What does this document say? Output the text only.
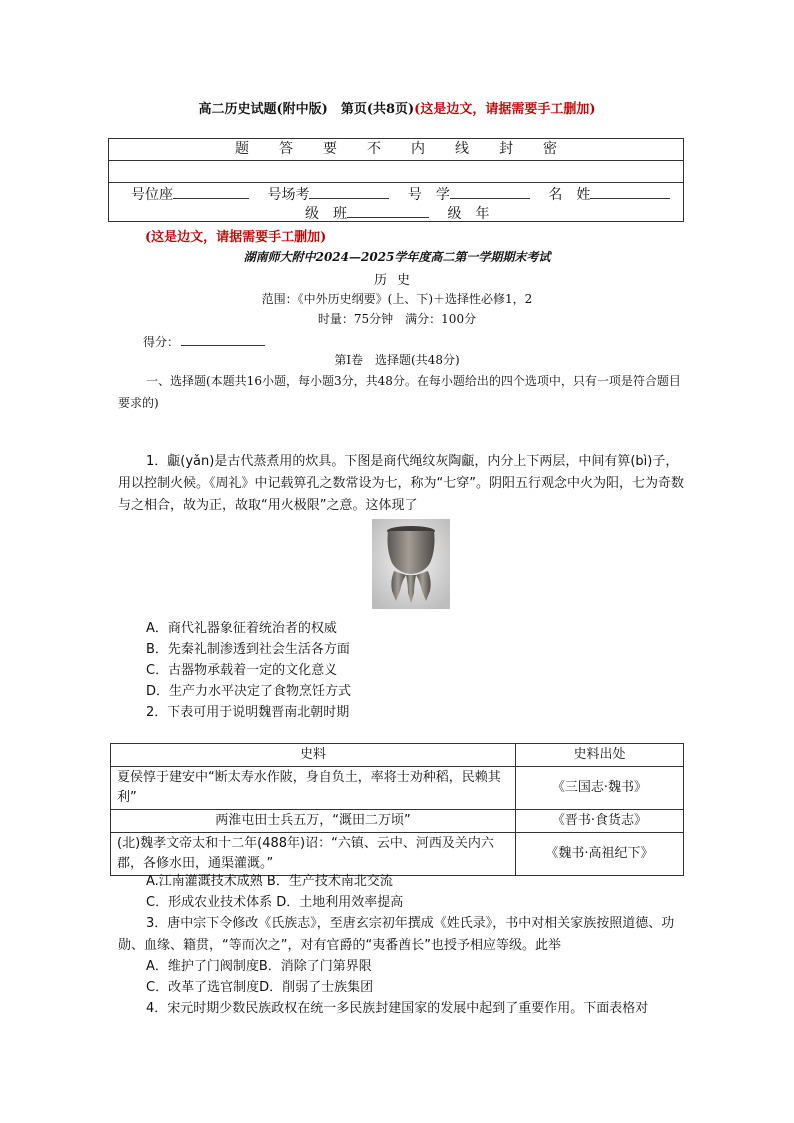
高二历史试题(附中版)　第页(共8页)(这是边文，请据需要手工删加)
题 答 要 不 内 线 封 密
号位座	号场考	号　学	名　姓
级　班	级　年
(这是边文，请据需要手工删加)
湖南师大附中2024—2025学年度高二第一学期期末考试
历史
范围：《中外历史纲要》(上、下)＋选择性必修1，2
时量：75分钟　满分：100分
得分：
第Ⅰ卷　选择题(共48分)
一、选择题(本题共16小题，每小题3分，共48分。在每小题给出的四个选项中，只有一项是符合题目要求的)
1．甗(yǎn)是古代蒸煮用的炊具。下图是商代绳纹灰陶甗，内分上下两层，中间有箅(bì)子，用以控制火候。《周礼》中记载箅孔之数常设为七，称为“七穿”。阴阳五行观念中火为阳，七为奇数与之相合，故为正，故取“用火极限”之意。这体现了
A．商代礼器象征着统治者的权威
B．先秦礼制渗透到社会生活各方面
C．古器物承载着一定的文化意义
D．生产力水平决定了食物烹饪方式
2．下表可用于说明魏晋南北朝时期
史料	史料出处
夏侯惇于建安中“断太寿水作陂，身自负土，率将士劝种稻，民赖其利”	《三国志·魏书》
两淮屯田士兵五万，“溉田二万顷”	《晋书·食货志》
(北)魏孝文帝太和十二年(488年)诏：“六镇、云中、河西及关内六郡，各修水田，通渠灌溉。”	《魏书·高祖纪下》
A.江南灌溉技术成熟 B．生产技术南北交流
C．形成农业技术体系 D．土地利用效率提高
3．唐中宗下令修改《氏族志》，至唐玄宗初年撰成《姓氏录》，书中对相关家族按照道德、功勋、血缘、籍贯，“等而次之”，对有官爵的“夷番酋长”也授予相应等级。此举
A．维护了门阀制度B．消除了门第界限
C．改革了选官制度D．削弱了士族集团
4．宋元时期少数民族政权在统一多民族封建国家的发展中起到了重要作用。下面表格对
